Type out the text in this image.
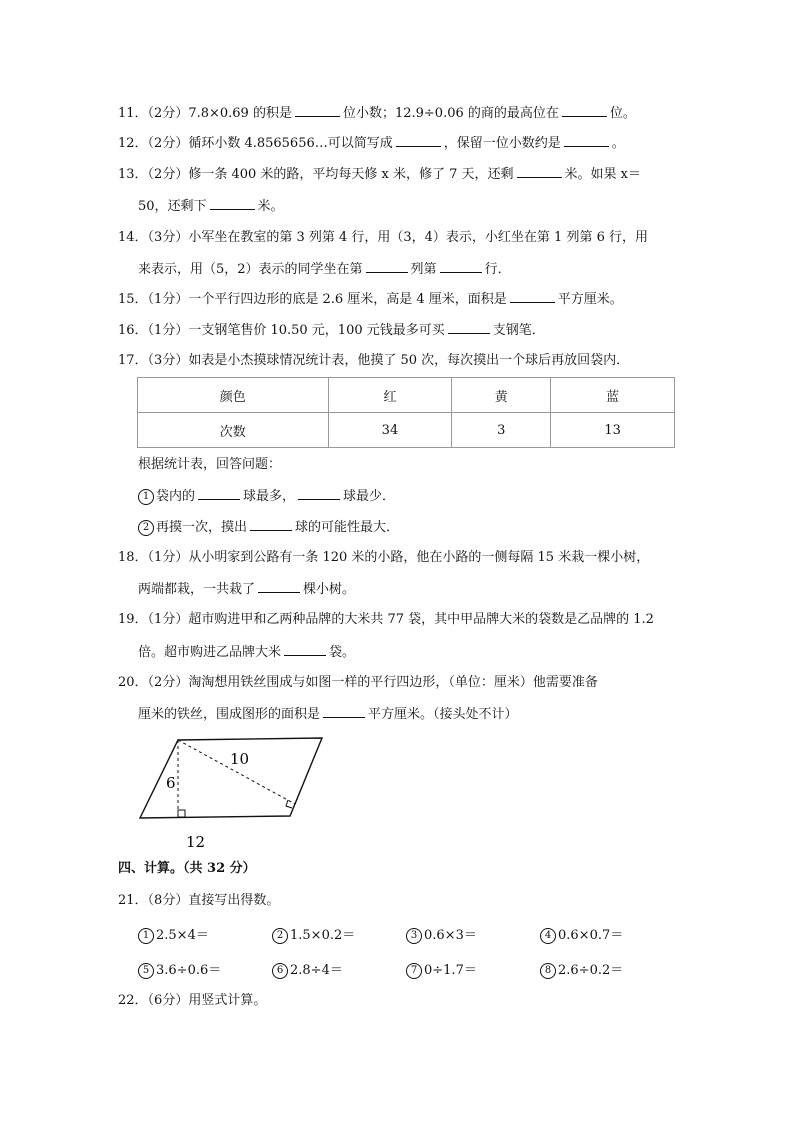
11．（2分）7.8×0.69 的积是	位小数；12.9÷0.06 的商的最高位在	位。
12．（2分）循环小数 4.8565656…可以简写成	，保留一位小数约是	。
13．（2分）修一条 400 米的路，平均每天修 x 米，修了 7 天，还剩	米。如果 x＝
50，还剩下	米。
14．（3分）小军坐在教室的第 3 列第 4 行，用（3，4）表示，小红坐在第 1 列第 6 行，用
来表示，用（5，2）表示的同学坐在第	列第	行．
15．（1分）一个平行四边形的底是 2.6 厘米，高是 4 厘米，面积是	平方厘米。
16．（1分）一支钢笔售价 10.50 元，100 元钱最多可买	支钢笔．
17．（3分）如表是小杰摸球情况统计表，他摸了 50 次，每次摸出一个球后再放回袋内．
颜色	红	黄	蓝
次数	34	3	13
根据统计表，回答问题：
1 袋内的	球最多，	球最少．
2 再摸一次，摸出	球的可能性最大．
18．（1分）从小明家到公路有一条 120 米的小路，他在小路的一侧每隔 15 米栽一棵小树，
两端都栽，一共栽了	棵小树。
19．（1分）超市购进甲和乙两种品牌的大米共 77 袋，其中甲品牌大米的袋数是乙品牌的 1.2
倍。超市购进乙品牌大米	袋。
20．（2分）淘淘想用铁丝围成与如图一样的平行四边形，（单位：厘米）他需要准备
厘米的铁丝，围成图形的面积是	平方厘米。（接头处不计）
6
10
12
四、计算。（共 32 分）
21．（8分）直接写出得数。
1 2.5×4＝	2 1.5×0.2＝	3 0.6×3＝	4 0.6×0.7＝
5 3.6÷0.6＝	6 2.8÷4＝	7 0÷1.7＝	8 2.6÷0.2＝
22．（6分）用竖式计算。
